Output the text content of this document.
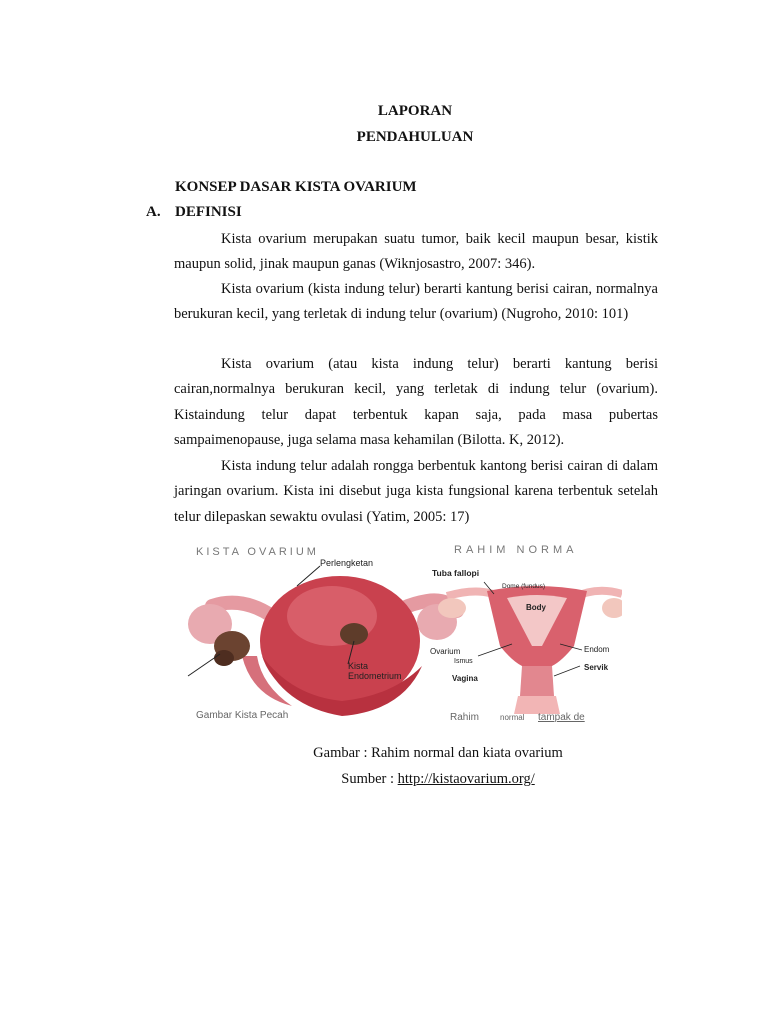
LAPORAN
PENDAHULUAN
KONSEP DASAR KISTA OVARIUM
A. DEFINISI

Kista ovarium merupakan suatu tumor, baik kecil maupun besar, kistik maupun solid, jinak maupun ganas (Wiknjosastro, 2007: 346).

Kista ovarium (kista indung telur) berarti kantung berisi cairan, normalnya berukuran kecil, yang terletak di indung telur (ovarium) (Nugroho, 2010: 101)

Kista ovarium (atau kista indung telur) berarti kantung berisi cairan,normalnya berukuran kecil, yang terletak di indung telur (ovarium). Kistaindung telur dapat terbentuk kapan saja, pada masa pubertas sampaimenopause, juga selama masa kehamilan (Bilotta. K, 2012).

Kista indung telur adalah rongga berbentuk kantong berisi cairan di dalam jaringan ovarium. Kista ini disebut juga kista fungsional karena terbentuk setelah telur dilepaskan sewaktu ovulasi (Yatim, 2005: 17)

KISTA OVARIUM
Perlengketan
Kista
Endometrium
Gambar Kista Pecah
RAHIM NORMA
Tuba fallopi
Dome (fundus)
Body
Ovarium
Ismus
Endom
Servik
Vagina
Rahim	normal tampak de
Gambar : Rahim normal dan kiata ovarium
Sumber : http://kistaovarium.org/
